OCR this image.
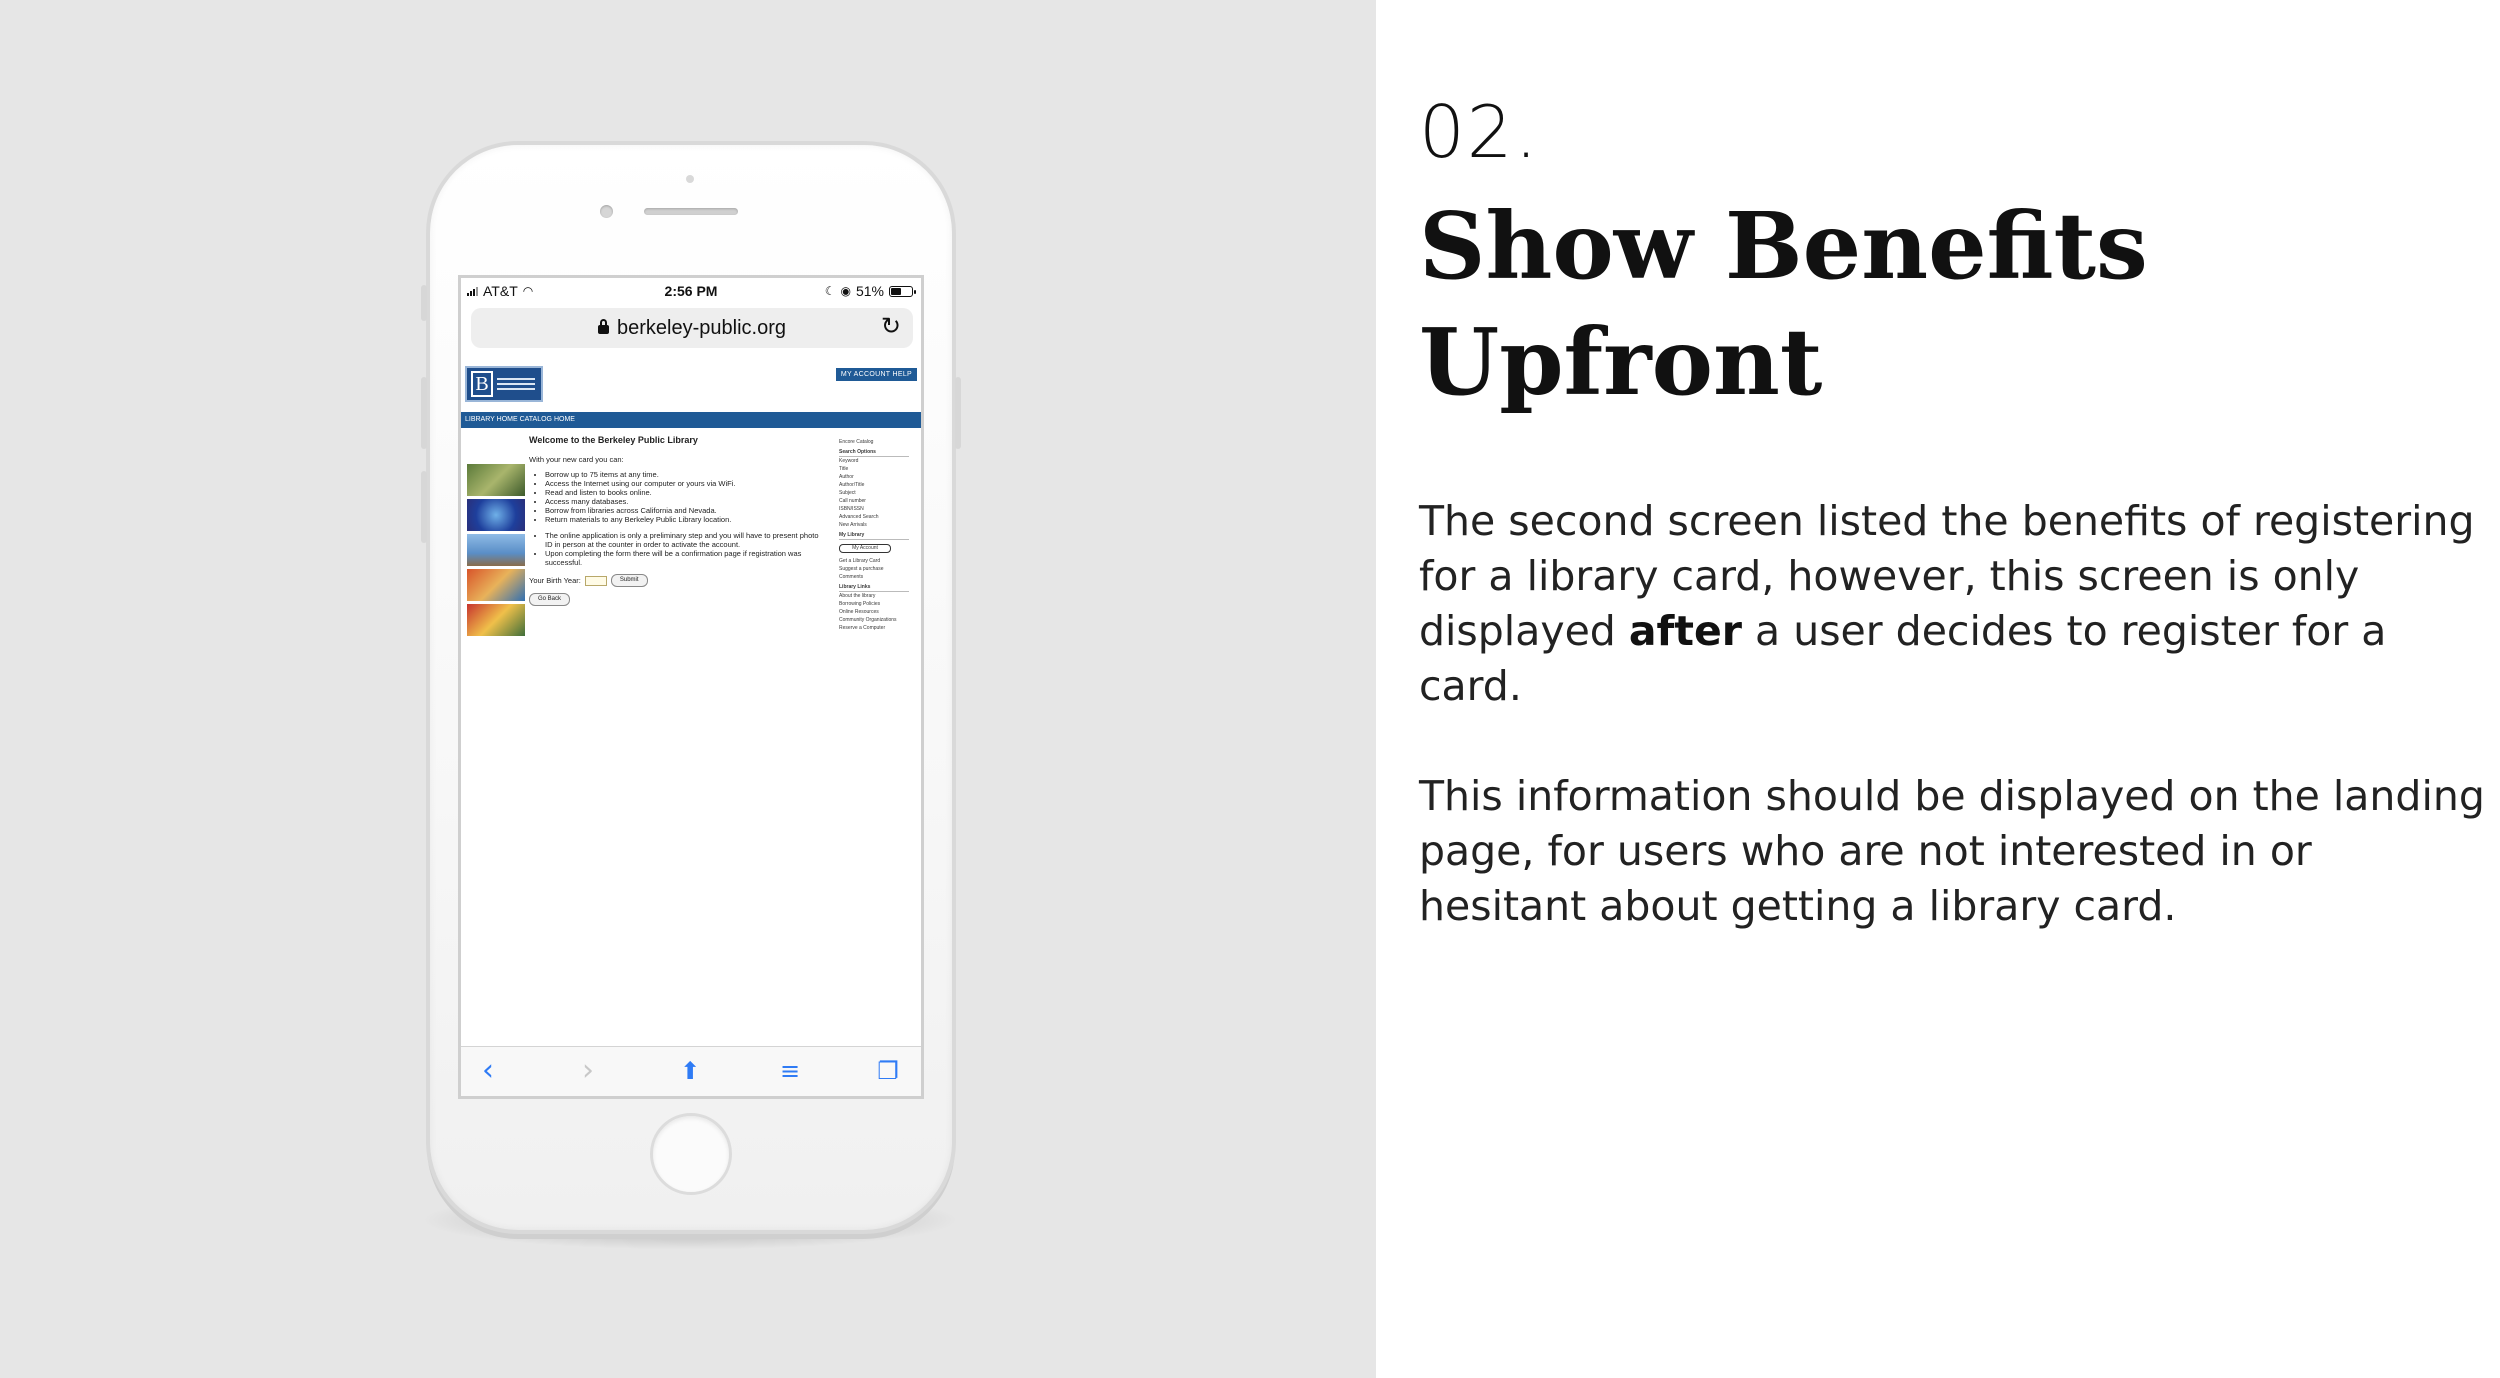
AT&T ◠	2:56 PM	☾ ◉ 51%
berkeley-public.org	↻
B	MY ACCOUNT HELP
LIBRARY HOME CATALOG HOME
Welcome to the Berkeley Public Library

With your new card you can:

• Borrow up to 75 items at any time.
• Access the Internet using our computer or yours via WiFi.
• Read and listen to books online.
• Access many databases.
• Borrow from libraries across California and Nevada.
• Return materials to any Berkeley Public Library location.
• The online application is only a preliminary step and you will have to present photo ID in person at the counter in order to activate the account.
• Upon completing the form there will be a confirmation page if registration was successful.
Your Birth Year:	Submit
Go Back
Encore Catalog
Search Options
Keyword
Title
Author
Author/Title
Subject
Call number
ISBN/ISSN
Advanced Search
New Arrivals
My Library
My Account
Get a Library Card
Suggest a purchase
Comments
Library Links
About the library
Borrowing Policies
Online Resources
Community Organizations
Reserve a Computer
‹	›	⬆︎	≡	❐
02.
Show Benefits Upfront
The second screen listed the benefits of registering for a library card, however, this screen is only displayed after a user decides to register for a card.
This information should be displayed on the landing page, for users who are not interested in or hesitant about getting a library card.
